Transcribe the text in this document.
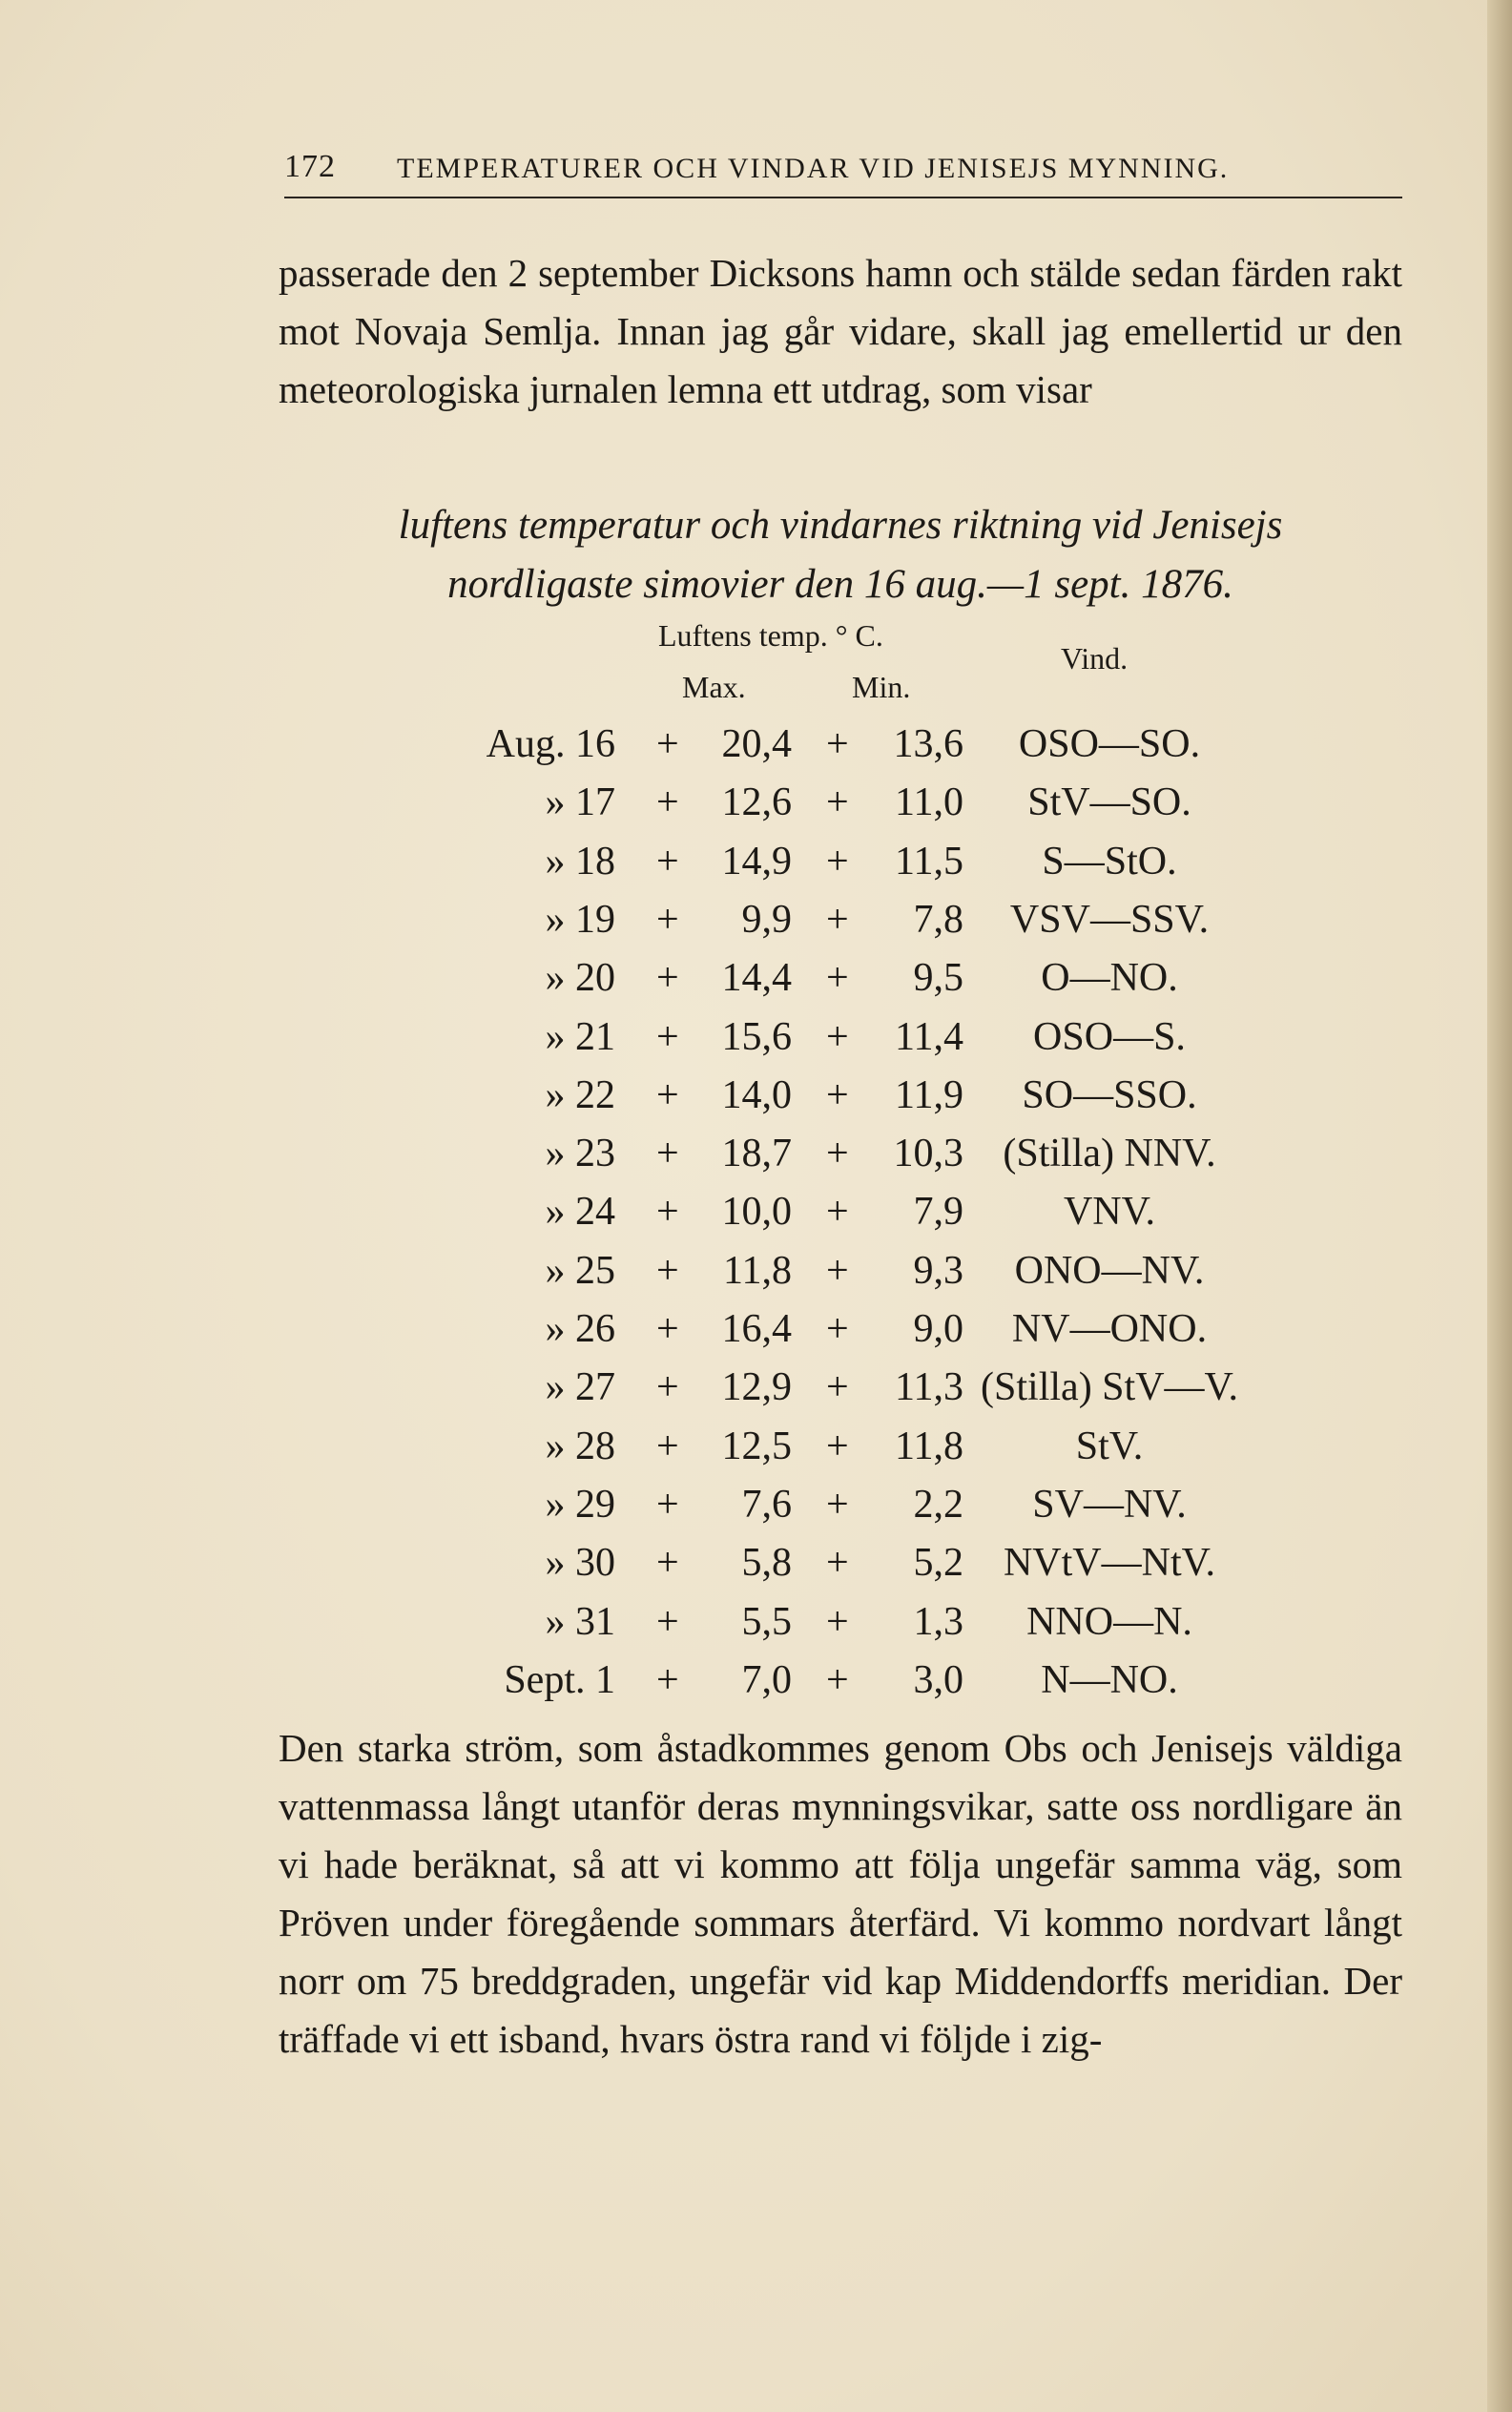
172 TEMPERATURER OCH VINDAR VID JENISEJS MYNNING.
passerade den 2 september Dicksons hamn och stälde sedan färden rakt mot Novaja Semlja. Innan jag går vidare, skall jag emellertid ur den meteorologiska jurnalen lemna ett utdrag, som visar
luftens temperatur och vindarnes riktning vid Jenisejs
nordligaste simovier den 16 aug.—1 sept. 1876.
Luftens temp. ° C.
Max.	Min.
Vind.
Aug. 16 +	20,4 +	13,6	OSO—SO.
» 17 +	12,6 +	11,0	StV—SO.
» 18 +	14,9 +	11,5	S—StO.
» 19 +	9,9 +	7,8	VSV—SSV.
» 20 +	14,4 +	9,5	O—NO.
» 21 +	15,6 +	11,4	OSO—S.
» 22 +	14,0 +	11,9	SO—SSO.
» 23 +	18,7 +	10,3 (Stilla) NNV.
» 24 +	10,0 +	7,9	VNV.
» 25 +	11,8 +	9,3	ONO—NV.
» 26 +	16,4 +	9,0	NV—ONO.
» 27 +	12,9 +	11,3 (Stilla) StV—V.
» 28 +	12,5 +	11,8	StV.
» 29 +	7,6 +	2,2	SV—NV.
» 30 +	5,8 +	5,2 NVtV—NtV.
» 31 +	5,5 +	1,3	NNO—N.
Sept. 1 +	7,0 +	3,0	N—NO.
Den starka ström, som åstadkommes genom Obs och Jenisejs väldiga vattenmassa långt utanför deras mynningsvikar, satte oss nordligare än vi hade beräknat, så att vi kommo att följa ungefär samma väg, som Pröven under föregående sommars återfärd. Vi kommo nordvart långt norr om 75 breddgraden, ungefär vid kap Middendorffs meridian. Der träffade vi ett isband, hvars östra rand vi följde i zig-
